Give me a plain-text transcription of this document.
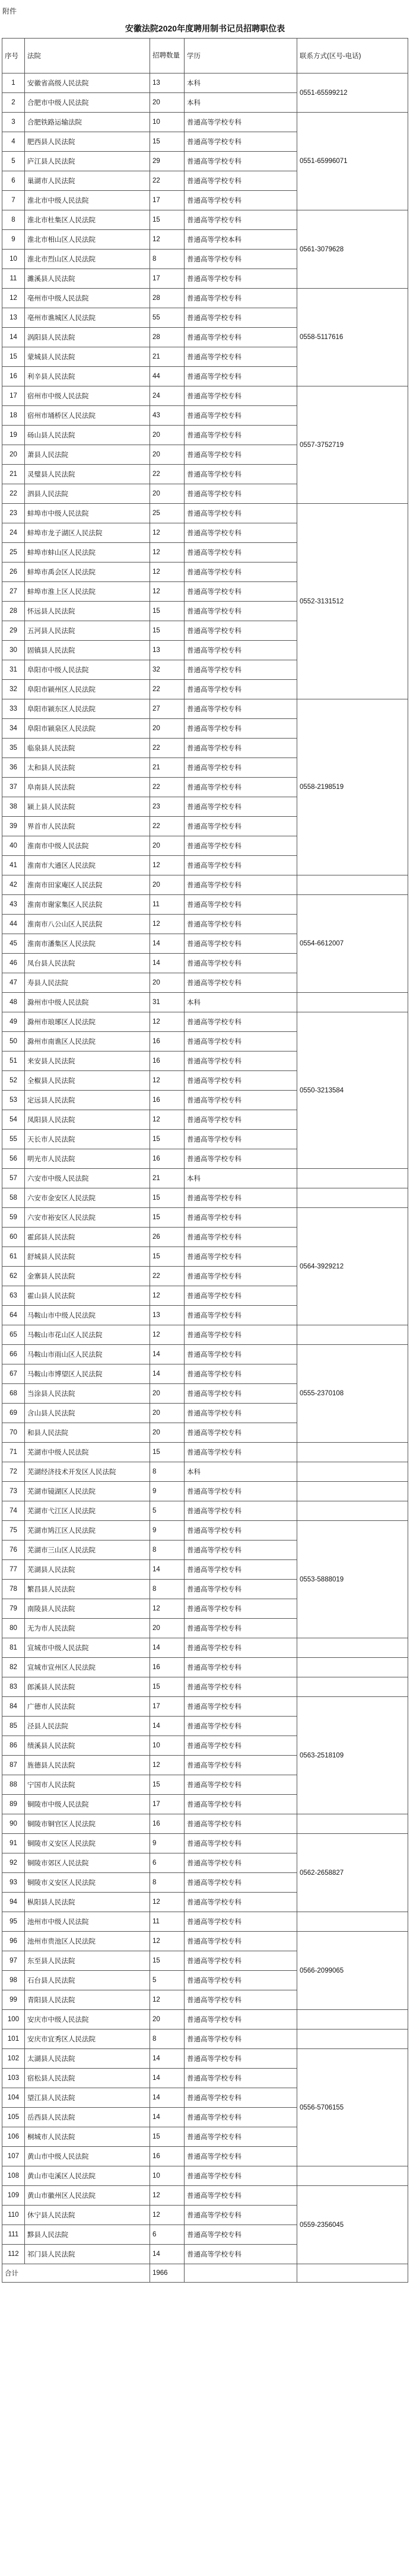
附件
安徽法院2020年度聘用制书记员招聘职位表
序号	法院	招聘数量	学历	联系方式(区号-电话)
1	安徽省高级人民法院	13	本科	0551-65599212
2	合肥市中级人民法院	20	本科	
3	合肥铁路运输法院	10	普通高等学校专科	0551-65996071
4	肥西县人民法院	15	普通高等学校专科	
5	庐江县人民法院	29	普通高等学校专科	
6	巢湖市人民法院	22	普通高等学校专科	
7	淮北市中级人民法院	17	普通高等学校专科	
8	淮北市杜集区人民法院	15	普通高等学校专科	0561-3079628
9	淮北市相山区人民法院	12	普通高等学校本科	
10	淮北市烈山区人民法院	8	普通高等学校专科	
11	濉溪县人民法院	17	普通高等学校专科	
12	亳州市中级人民法院	28	普通高等学校专科	0558-5117616
13	亳州市谯城区人民法院	55	普通高等学校专科	
14	涡阳县人民法院	28	普通高等学校专科	
15	蒙城县人民法院	21	普通高等学校专科	
16	利辛县人民法院	44	普通高等学校专科	
17	宿州市中级人民法院	24	普通高等学校专科	0557-3752719
18	宿州市埇桥区人民法院	43	普通高等学校专科	
19	砀山县人民法院	20	普通高等学校专科	
20	萧县人民法院	20	普通高等学校专科	
21	灵璧县人民法院	22	普通高等学校专科	
22	泗县人民法院	20	普通高等学校专科	
23	蚌埠市中级人民法院	25	普通高等学校专科	0552-3131512
24	蚌埠市龙子湖区人民法院	12	普通高等学校专科	
25	蚌埠市蚌山区人民法院	12	普通高等学校专科	
26	蚌埠市禹会区人民法院	12	普通高等学校专科	
27	蚌埠市淮上区人民法院	12	普通高等学校专科	
28	怀远县人民法院	15	普通高等学校专科	
29	五河县人民法院	15	普通高等学校专科	
30	固镇县人民法院	13	普通高等学校专科	
31	阜阳市中级人民法院	32	普通高等学校专科	
32	阜阳市颍州区人民法院	22	普通高等学校专科	
33	阜阳市颍东区人民法院	27	普通高等学校专科	0558-2198519
34	阜阳市颍泉区人民法院	20	普通高等学校专科	
35	临泉县人民法院	22	普通高等学校专科	
36	太和县人民法院	21	普通高等学校专科	
37	阜南县人民法院	22	普通高等学校专科	
38	颍上县人民法院	23	普通高等学校专科	
39	界首市人民法院	22	普通高等学校专科	
40	淮南市中级人民法院	20	普通高等学校专科	
41	淮南市大通区人民法院	12	普通高等学校专科	
42	淮南市田家庵区人民法院	20	普通高等学校专科	
43	淮南市谢家集区人民法院	11	普通高等学校专科	0554-6612007
44	淮南市八公山区人民法院	12	普通高等学校专科	
45	淮南市潘集区人民法院	14	普通高等学校专科	
46	凤台县人民法院	14	普通高等学校专科	
47	寿县人民法院	20	普通高等学校专科	
48	滁州市中级人民法院	31	本科	
49	滁州市琅琊区人民法院	12	普通高等学校专科	0550-3213584
50	滁州市南谯区人民法院	16	普通高等学校专科	
51	来安县人民法院	16	普通高等学校专科	
52	全椒县人民法院	12	普通高等学校专科	
53	定远县人民法院	16	普通高等学校专科	
54	凤阳县人民法院	12	普通高等学校专科	
55	天长市人民法院	15	普通高等学校专科	
56	明光市人民法院	16	普通高等学校专科	
57	六安市中级人民法院	21	本科	
58	六安市金安区人民法院	15	普通高等学校专科	
59	六安市裕安区人民法院	15	普通高等学校专科	0564-3929212
60	霍邱县人民法院	26	普通高等学校专科	
61	舒城县人民法院	15	普通高等学校专科	
62	金寨县人民法院	22	普通高等学校专科	
63	霍山县人民法院	12	普通高等学校专科	
64	马鞍山市中级人民法院	13	普通高等学校专科	
65	马鞍山市花山区人民法院	12	普通高等学校专科	
66	马鞍山市雨山区人民法院	14	普通高等学校专科	0555-2370108
67	马鞍山市博望区人民法院	14	普通高等学校专科	
68	当涂县人民法院	20	普通高等学校专科	
69	含山县人民法院	20	普通高等学校专科	
70	和县人民法院	20	普通高等学校专科	
71	芜湖市中级人民法院	15	普通高等学校专科	
72	芜湖经济技术开发区人民法院	8	本科	
73	芜湖市镜湖区人民法院	9	普通高等学校专科	
74	芜湖市弋江区人民法院	5	普通高等学校专科	
75	芜湖市鸠江区人民法院	9	普通高等学校专科	0553-5888019
76	芜湖市三山区人民法院	8	普通高等学校专科	
77	芜湖县人民法院	14	普通高等学校专科	
78	繁昌县人民法院	8	普通高等学校专科	
79	南陵县人民法院	12	普通高等学校专科	
80	无为市人民法院	20	普通高等学校专科	
81	宣城市中级人民法院	14	普通高等学校专科	
82	宣城市宣州区人民法院	16	普通高等学校专科	
83	郎溪县人民法院	15	普通高等学校专科	
84	广德市人民法院	17	普通高等学校专科	0563-2518109
85	泾县人民法院	14	普通高等学校专科	
86	绩溪县人民法院	10	普通高等学校专科	
87	旌德县人民法院	12	普通高等学校专科	
88	宁国市人民法院	15	普通高等学校专科	
89	铜陵市中级人民法院	17	普通高等学校专科	
90	铜陵市铜官区人民法院	16	普通高等学校专科	
91	铜陵市义安区人民法院	9	普通高等学校专科	0562-2658827
92	铜陵市郊区人民法院	6	普通高等学校专科	
93	铜陵市义安区人民法院	8	普通高等学校专科	
94	枞阳县人民法院	12	普通高等学校专科	
95	池州市中级人民法院	11	普通高等学校专科	
96	池州市贵池区人民法院	12	普通高等学校专科	0566-2099065
97	东至县人民法院	15	普通高等学校专科	
98	石台县人民法院	5	普通高等学校专科	
99	青阳县人民法院	12	普通高等学校专科	
100	安庆市中级人民法院	20	普通高等学校专科	
101	安庆市宜秀区人民法院	8	普通高等学校专科	
102	太湖县人民法院	14	普通高等学校专科	0556-5706155
103	宿松县人民法院	14	普通高等学校专科	
104	望江县人民法院	14	普通高等学校专科	
105	岳西县人民法院	14	普通高等学校专科	
106	桐城市人民法院	15	普通高等学校专科	
107	黄山市中级人民法院	16	普通高等学校专科	
108	黄山市屯溪区人民法院	10	普通高等学校专科	
109	黄山市徽州区人民法院	12	普通高等学校专科	0559-2356045
110	休宁县人民法院	12	普通高等学校专科	
111	黟县人民法院	6	普通高等学校专科	
112	祁门县人民法院	14	普通高等学校专科	
合计		1966		
